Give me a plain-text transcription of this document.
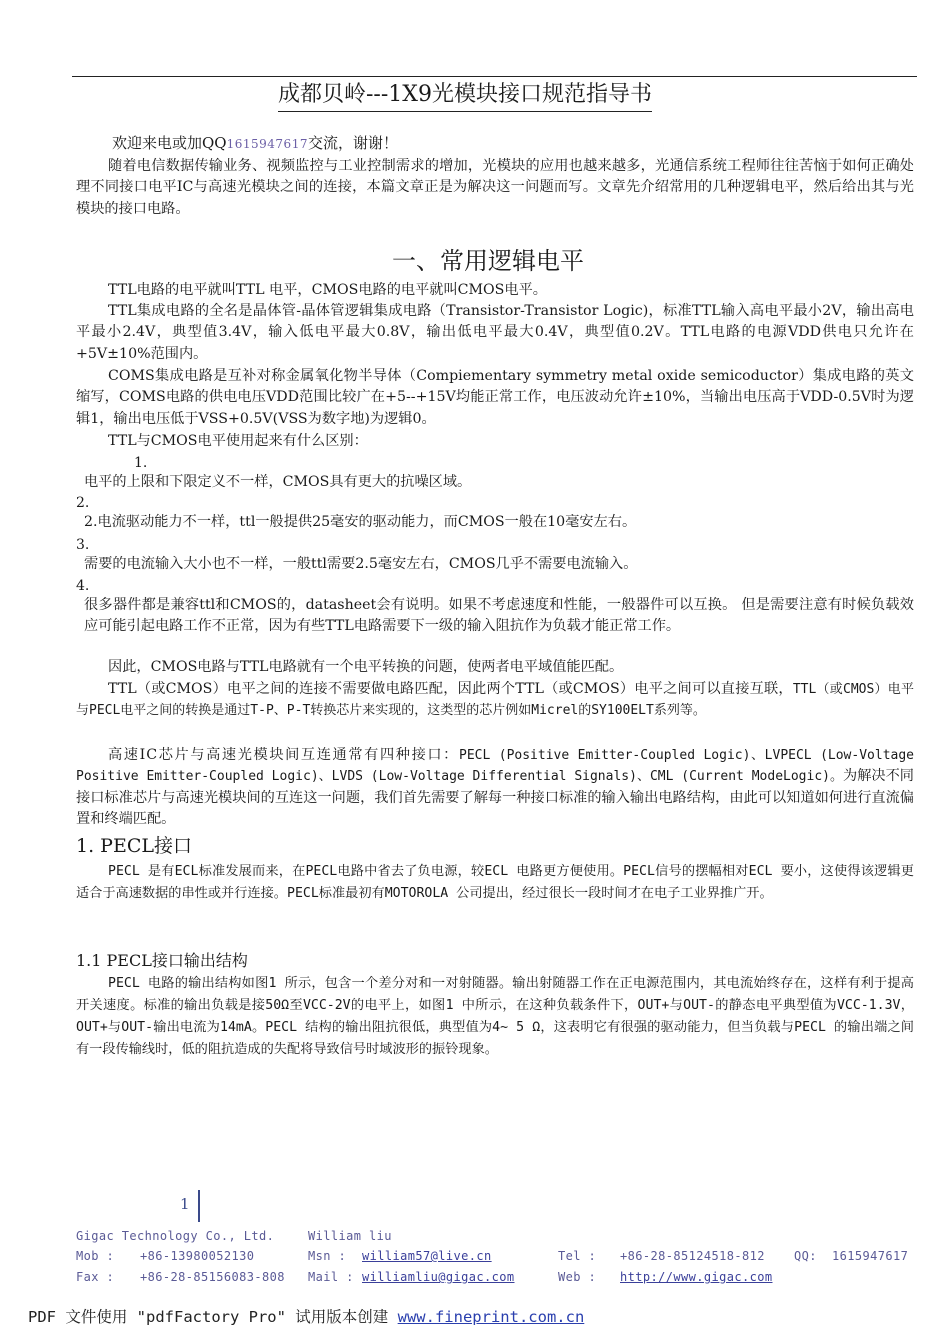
成都贝岭---1X9光模块接口规范指导书
欢迎来电或加QQ1615947617交流，谢谢！
随着电信数据传输业务、视频监控与工业控制需求的增加，光模块的应用也越来越多，光通信系统工程师往往苦恼于如何正确处理不同接口电平IC与高速光模块之间的连接，本篇文章正是为解决这一问题而写。文章先介绍常用的几种逻辑电平，然后给出其与光模块的接口电路。
一、常用逻辑电平
TTL电路的电平就叫TTL 电平，CMOS电路的电平就叫CMOS电平。
TTL集成电路的全名是晶体管-晶体管逻辑集成电路（Transistor-Transistor Logic)，标准TTL输入高电平最小2V，输出高电平最小2.4V，典型值3.4V，输入低电平最大0.8V，输出低电平最大0.4V，典型值0.2V。TTL电路的电源VDD供电只允许在+5V±10%范围内。
COMS集成电路是互补对称金属氧化物半导体（Compiementary symmetry metal oxide semicoductor）集成电路的英文缩写，COMS电路的供电电压VDD范围比较广在+5--+15V均能正常工作，电压波动允许±10%，当输出电压高于VDD-0.5V时为逻辑1，输出电压低于VSS+0.5V(VSS为数字地)为逻辑0。
TTL与CMOS电平使用起来有什么区别：
1.
电平的上限和下限定义不一样，CMOS具有更大的抗噪区域。
2.
2.电流驱动能力不一样，ttl一般提供25毫安的驱动能力，而CMOS一般在10毫安左右。
3.
需要的电流输入大小也不一样，一般ttl需要2.5毫安左右，CMOS几乎不需要电流输入。
4.
很多器件都是兼容ttl和CMOS的，datasheet会有说明。如果不考虑速度和性能，一般器件可以互换。 但是需要注意有时候负载效应可能引起电路工作不正常，因为有些TTL电路需要下一级的输入阻抗作为负载才能正常工作。
因此，CMOS电路与TTL电路就有一个电平转换的问题，使两者电平域值能匹配。
TTL（或CMOS）电平之间的连接不需要做电路匹配，因此两个TTL（或CMOS）电平之间可以直接互联，TTL（或CMOS）电平与PECL电平之间的转换是通过T-P、P-T转换芯片来实现的，这类型的芯片例如Micrel的SY100ELT系列等。
高速IC芯片与高速光模块间互连通常有四种接口：PECL (Positive Emitter-Coupled Logic)、LVPECL (Low-Voltage Positive Emitter-Coupled Logic)、LVDS (Low-Voltage Differential Signals)、CML (Current ModeLogic)。为解决不同接口标准芯片与高速光模块间的互连这一问题，我们首先需要了解每一种接口标准的输入输出电路结构，由此可以知道如何进行直流偏置和终端匹配。
1. PECL接口
PECL 是有ECL标准发展而来，在PECL电路中省去了负电源，较ECL 电路更方便使用。PECL信号的摆幅相对ECL 要小，这使得该逻辑更适合于高速数据的串性或并行连接。PECL标准最初有MOTOROLA 公司提出，经过很长一段时间才在电子工业界推广开。
1.1 PECL接口输出结构
PECL 电路的输出结构如图1 所示，包含一个差分对和一对射随器。输出射随器工作在正电源范围内，其电流始终存在，这样有利于提高开关速度。标准的输出负载是接50Ω至VCC-2V的电平上，如图1 中所示，在这种负载条件下，OUT+与OUT-的静态电平典型值为VCC-1.3V，OUT+与OUT-输出电流为14mA。PECL 结构的输出阻抗很低，典型值为4~ 5 Ω，这表明它有很强的驱动能力，但当负载与PECL 的输出端之间有一段传输线时，低的阻抗造成的失配将导致信号时域波形的振铃现象。
1
Gigac Technology Co., Ltd.	William liu
Mob : +86-13980052130	Msn : william57@live.cn	Tel : +86-28-85124518-812 QQ: 1615947617
Fax : +86-28-85156083-808 Mail : williamliu@gigac.com	Web : http://www.gigac.com
PDF 文件使用 "pdfFactory Pro" 试用版本创建 www.fineprint.com.cn
